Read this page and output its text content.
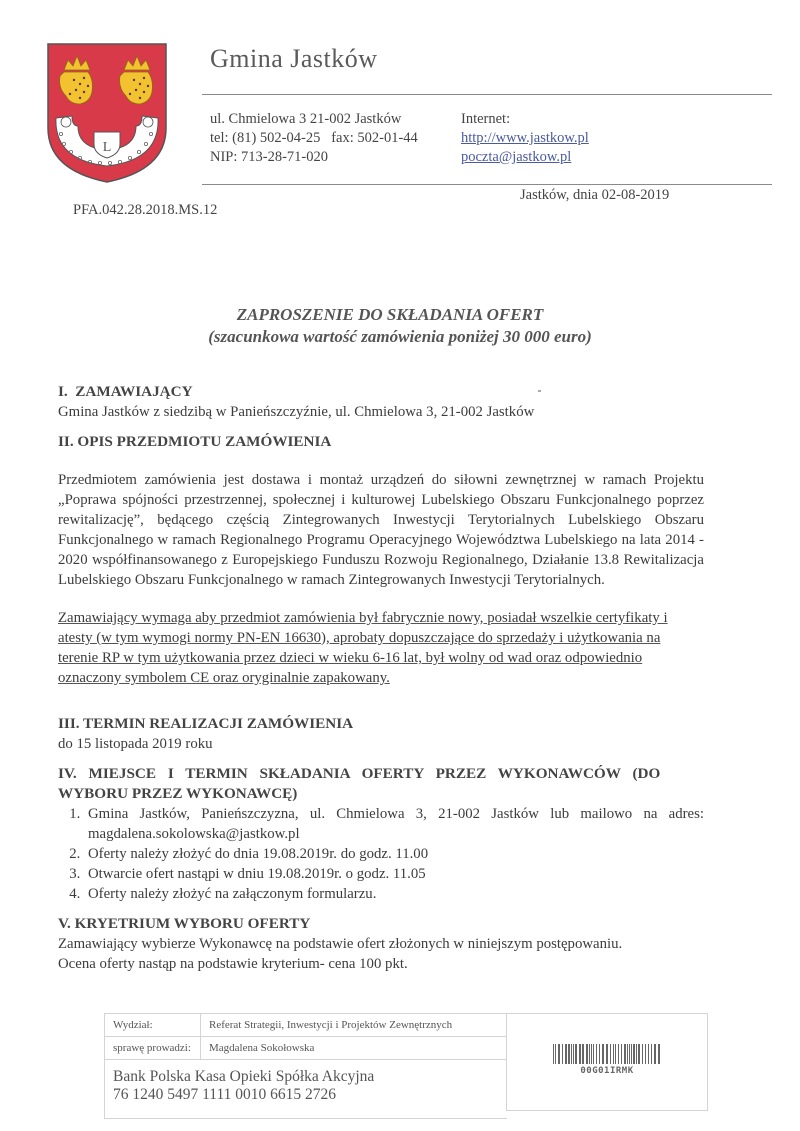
L
Gmina Jastków
ul. Chmielowa 3 21-002 Jastków
tel: (81) 502-04-25   fax: 502-01-44
NIP: 713-28-71-020
Internet:
http://www.jastkow.pl
poczta@jastkow.pl
Jastków, dnia 02-08-2019
PFA.042.28.2018.MS.12
ZAPROSZENIE DO SKŁADANIA OFERT
(szacunkowa wartość zamówienia poniżej 30 000 euro)
I.  ZAMAWIAJĄCY
Gmina Jastków z siedzibą w Panieńszczyźnie, ul. Chmielowa 3, 21-002 Jastków
II. OPIS PRZEDMIOTU ZAMÓWIENIA
Przedmiotem zamówienia jest dostawa i montaż urządzeń do siłowni zewnętrznej w ramach Projektu „Poprawa spójności przestrzennej, społecznej i kulturowej Lubelskiego Obszaru Funkcjonalnego poprzez rewitalizację”, będącego częścią Zintegrowanych Inwestycji Terytorialnych Lubelskiego Obszaru Funkcjonalnego w ramach Regionalnego Programu Operacyjnego Województwa Lubelskiego na lata 2014 - 2020 współfinansowanego z Europejskiego Funduszu Rozwoju Regionalnego, Działanie 13.8 Rewitalizacja Lubelskiego Obszaru Funkcjonalnego w ramach Zintegrowanych Inwestycji Terytorialnych.
Zamawiający wymaga aby przedmiot zamówienia był fabrycznie nowy, posiadał wszelkie certyfikaty i atesty (w tym wymogi normy PN-EN 16630), aprobaty dopuszczające do sprzedaży i użytkowania na terenie RP w tym użytkowania przez dzieci w wieku 6-16 lat, był wolny od wad oraz odpowiednio oznaczony symbolem CE oraz oryginalnie zapakowany.
III. TERMIN REALIZACJI ZAMÓWIENIA
do 15 listopada 2019 roku
IV. MIEJSCE I TERMIN SKŁADANIA OFERTY PRZEZ WYKONAWCÓW (DO
WYBORU PRZEZ WYKONAWCĘ)
1. Gmina Jastków, Panieńszczyzna, ul. Chmielowa 3, 21-002 Jastków lub mailowo na adres: magdalena.sokolowska@jastkow.pl
2. Oferty należy złożyć do dnia 19.08.2019r. do godz. 11.00
3. Otwarcie ofert nastąpi w dniu 19.08.2019r. o godz. 11.05
4. Oferty należy złożyć na załączonym formularzu.
V. KRYETRIUM WYBORU OFERTY
Zamawiający wybierze Wykonawcę na podstawie ofert złożonych w niniejszym postępowaniu.
Ocena oferty nastąp na podstawie kryterium- cena 100 pkt.
Wydział:	Referat Strategii, Inwestycji i Projektów Zewnętrznych
sprawę prowadzi:	Magdalena Sokołowska
Bank Polska Kasa Opieki Spółka Akcyjna
76 1240 5497 1111 0010 6615 2726
00G01IRMK
